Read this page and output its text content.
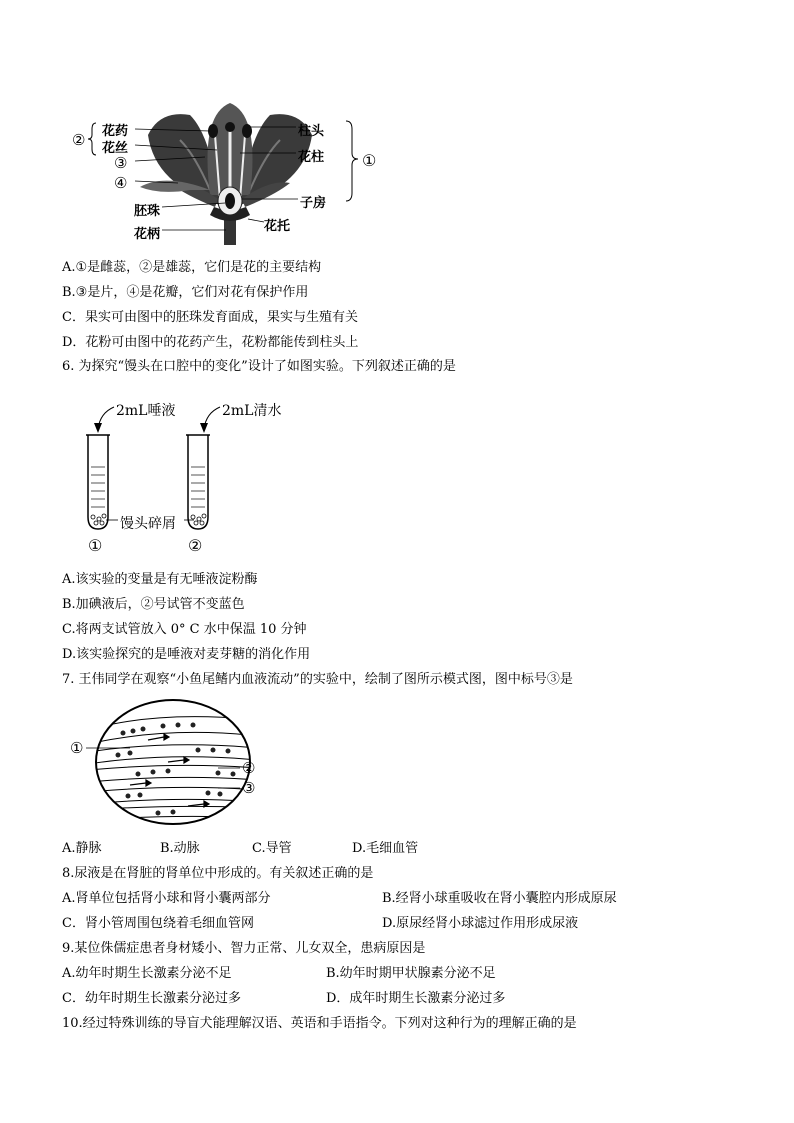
② 花药
花丝
③
④
胚珠
花柄
柱头
花柱 ①
子房
花托
A.①是雌蕊，②是雄蕊，它们是花的主要结构
B.③是片，④是花瓣，它们对花有保护作用
C．果实可由图中的胚珠发育面成，果实与生殖有关
D．花粉可由图中的花药产生，花粉都能传到柱头上
6. 为探究“馒头在口腔中的变化”设计了如图实验。下列叙述正确的是
2mL唾液	2mL清水
馒头碎屑
①	②
A.该实验的变量是有无唾液淀粉酶
B.加碘液后，②号试管不变蓝色
C.将两支试管放入 0° C 水中保温 10 分钟
D.该实验探究的是唾液对麦芽糖的消化作用
7. 王伟同学在观察“小鱼尾鳍内血液流动”的实验中，绘制了图所示模式图，图中标号③是
①
②
③
A.静脉	B.动脉	C.导管	D.毛细血管
8.尿液是在肾脏的肾单位中形成的。有关叙述正确的是
A.肾单位包括肾小球和肾小囊两部分	B.经肾小球重吸收在肾小囊腔内形成原尿
C．肾小管周围包绕着毛细血管网	D.原尿经肾小球滤过作用形成尿液
9.某位侏儒症患者身材矮小、智力正常、儿女双全，患病原因是
A.幼年时期生长激素分泌不足	B.幼年时期甲状腺素分泌不足
C．幼年时期生长激素分泌过多	D．成年时期生长激素分泌过多
10.经过特殊训练的导盲犬能理解汉语、英语和手语指令。下列对这种行为的理解正确的是
